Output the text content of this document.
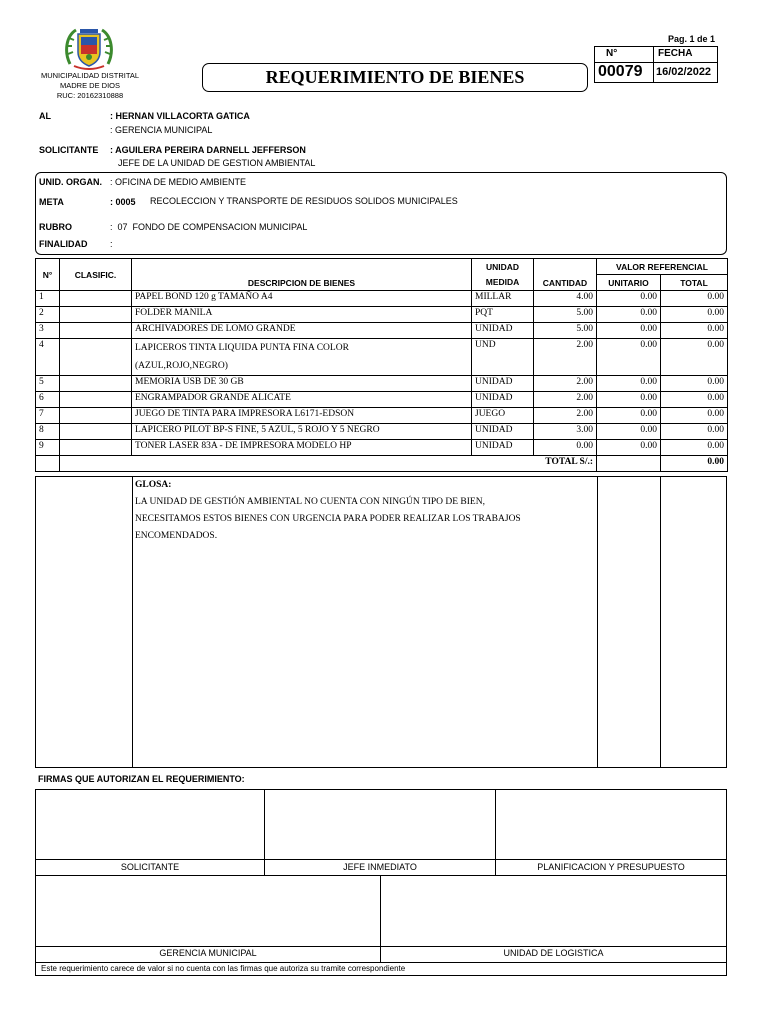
MUNICIPALIDAD DISTRITAL
MADRE DE DIOS
RUC: 20162310888
REQUERIMIENTO DE BIENES
Pag. 1 de 1
N°	FECHA
00079 16/02/2022
AL	: HERNAN VILLACORTA GATICA
: GERENCIA MUNICIPAL
SOLICITANTE : AGUILERA PEREIRA DARNELL JEFFERSON
JEFE DE LA UNIDAD DE GESTION AMBIENTAL
UNID. ORGAN. : OFICINA DE MEDIO AMBIENTE
META	: 0005 RECOLECCION Y TRANSPORTE DE RESIDUOS SOLIDOS MUNICIPALES
RUBRO	:  07  FONDO DE COMPENSACION MUNICIPAL
FINALIDAD	:
N°	CLASIFIC.	DESCRIPCION DE BIENES	UNIDAD	CANTIDAD	VALOR REFERENCIAL	
			MEDIDA		UNITARIO	TOTAL
1		PAPEL BOND 120 g TAMAÑO A4	MILLAR	4.00	0.00	0.00
2		FOLDER MANILA	PQT	5.00	0.00	0.00
3		ARCHIVADORES DE LOMO GRANDE	UNIDAD	5.00	0.00	0.00
4		LAPICEROS TINTA LIQUIDA PUNTA FINA COLOR
(AZUL,ROJO,NEGRO)	UND	2.00	0.00	0.00
5		MEMORIA USB DE 30 GB	UNIDAD	2.00	0.00	0.00
6		ENGRAMPADOR GRANDE ALICATE	UNIDAD	2.00	0.00	0.00
7		JUEGO DE TINTA PARA IMPRESORA L6171-EDSON	JUEGO	2.00	0.00	0.00
8		LAPICERO PILOT BP-S FINE, 5 AZUL, 5 ROJO Y 5 NEGRO	UNIDAD	3.00	0.00	0.00
9		TONER LASER 83A - DE IMPRESORA MODELO HP	UNIDAD	0.00	0.00	0.00
	TOTAL S/.:					0.00
GLOSA:
LA UNIDAD DE GESTIÓN AMBIENTAL NO CUENTA CON NINGÚN TIPO DE BIEN,
NECESITAMOS ESTOS BIENES CON URGENCIA PARA PODER REALIZAR LOS TRABAJOS
ENCOMENDADOS.
FIRMAS QUE AUTORIZAN EL REQUERIMIENTO:
SOLICITANTE	JEFE INMEDIATO	PLANIFICACION Y PRESUPUESTO
GERENCIA MUNICIPAL	UNIDAD DE LOGISTICA
Este requerimiento carece de valor si no cuenta con las firmas que autoriza su tramite correspondiente
